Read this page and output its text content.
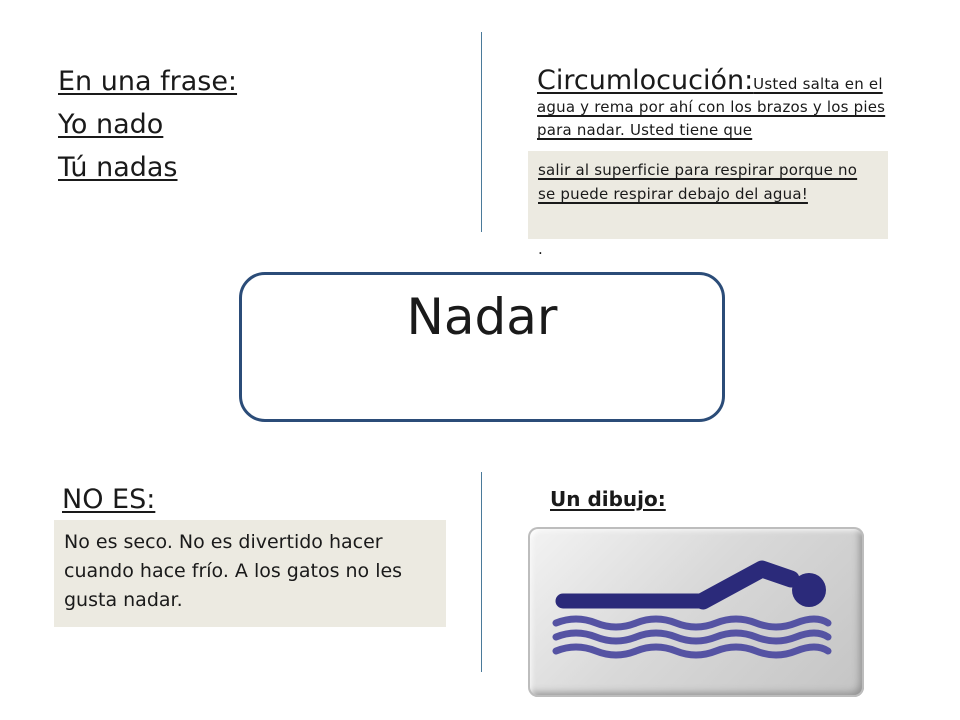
En una frase:
Yo nado
Tú nadas
Circumlocución:Usted salta en el agua y rema por ahí con los brazos y los pies para nadar. Usted tiene que
salir al superficie para respirar porque no se puede respirar debajo del agua!
.
Nadar
NO ES:
No es seco. No es divertido hacer cuando hace frío. A los gatos no les gusta nadar.
Un dibujo:
